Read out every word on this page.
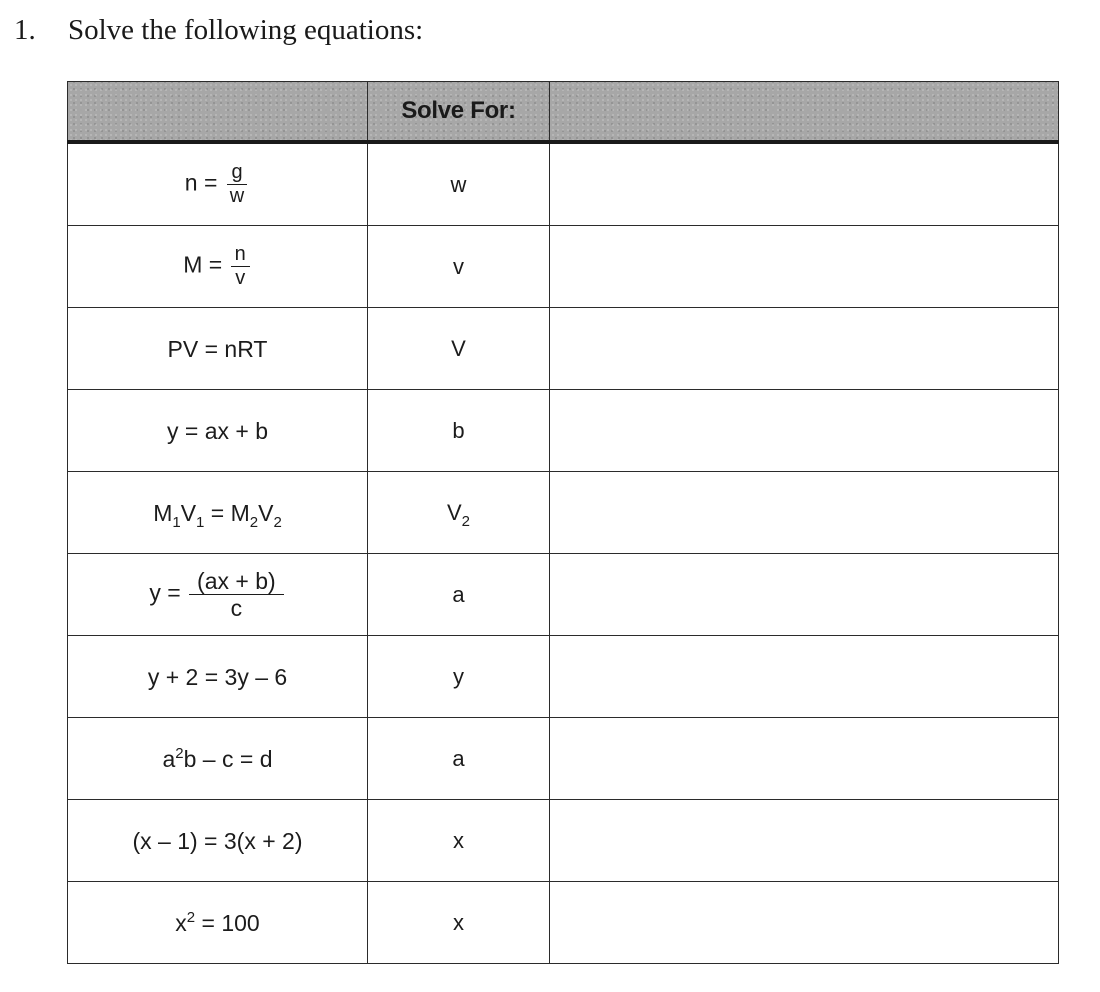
1. Solve the following equations:
	Solve For:	
$n = \frac{g}{w}$	w	
$M = \frac{n}{v}$	v	
PV = nRT	V	
y = ax + b	b	
$M_1V_1 = M_2V_2$	$V_2$	
$y = \frac{(ax + b)}{c}$	a	
y + 2 = 3y – 6	y	
$a^2b - c = d$	a	
(x – 1) = 3(x + 2)	x	
$x^2 = 100$	x	
